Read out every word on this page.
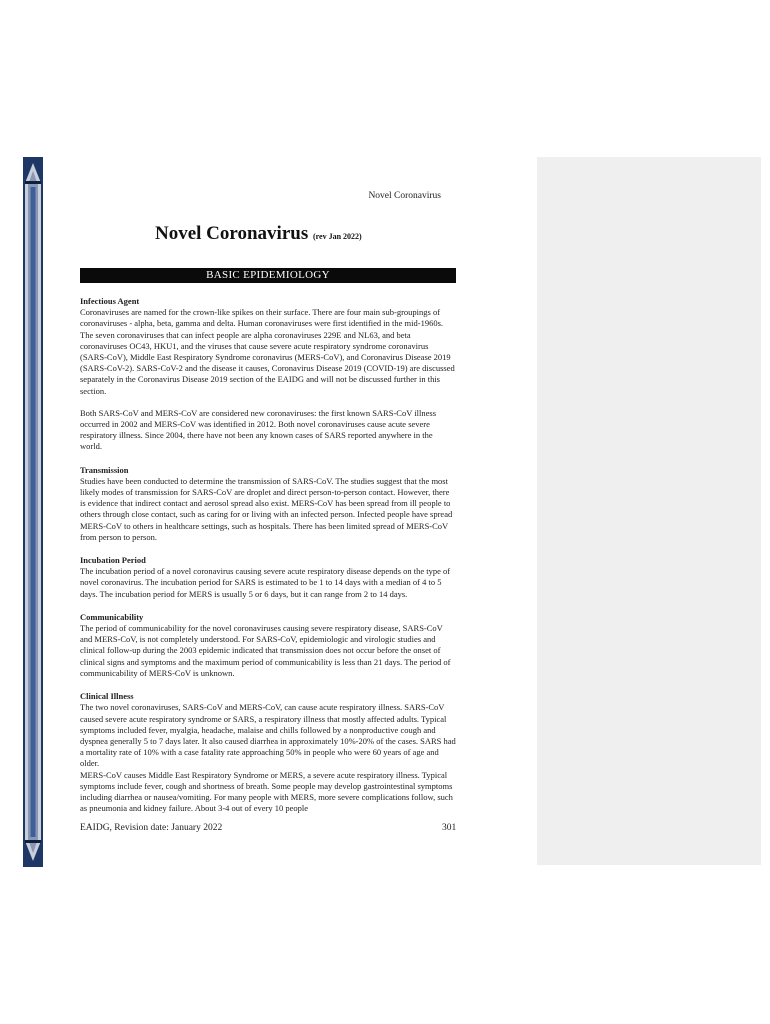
Novel Coronavirus
Novel Coronavirus (rev Jan 2022)
BASIC EPIDEMIOLOGY
Infectious Agent

Coronaviruses are named for the crown-like spikes on their surface. There are four main sub-groupings of coronaviruses - alpha, beta, gamma and delta. Human coronaviruses were first identified in the mid-1960s. The seven coronaviruses that can infect people are alpha coronaviruses 229E and NL63, and beta coronaviruses OC43, HKU1, and the viruses that cause severe acute respiratory syndrome coronavirus (SARS-CoV), Middle East Respiratory Syndrome coronavirus (MERS-CoV), and Coronavirus Disease 2019 (SARS-CoV-2). SARS-CoV-2 and the disease it causes, Coronavirus Disease 2019 (COVID-19) are discussed separately in the Coronavirus Disease 2019 section of the EAIDG and will not be discussed further in this section.

Both SARS-CoV and MERS-CoV are considered new coronaviruses: the first known SARS-CoV illness occurred in 2002 and MERS-CoV was identified in 2012. Both novel coronaviruses cause acute severe respiratory illness. Since 2004, there have not been any known cases of SARS reported anywhere in the world.

Transmission

Studies have been conducted to determine the transmission of SARS-CoV. The studies suggest that the most likely modes of transmission for SARS-CoV are droplet and direct person-to-person contact. However, there is evidence that indirect contact and aerosol spread also exist. MERS-CoV has been spread from ill people to others through close contact, such as caring for or living with an infected person. Infected people have spread MERS-CoV to others in healthcare settings, such as hospitals. There has been limited spread of MERS-CoV from person to person.

Incubation Period

The incubation period of a novel coronavirus causing severe acute respiratory disease depends on the type of novel coronavirus. The incubation period for SARS is estimated to be 1 to 14 days with a median of 4 to 5 days. The incubation period for MERS is usually 5 or 6 days, but it can range from 2 to 14 days.

Communicability

The period of communicability for the novel coronaviruses causing severe respiratory disease, SARS-CoV and MERS-CoV, is not completely understood. For SARS-CoV, epidemiologic and virologic studies and clinical follow-up during the 2003 epidemic indicated that transmission does not occur before the onset of clinical signs and symptoms and the maximum period of communicability is less than 21 days. The period of communicability of MERS-CoV is unknown.

Clinical Illness

The two novel coronaviruses, SARS-CoV and MERS-CoV, can cause acute respiratory illness. SARS-CoV caused severe acute respiratory syndrome or SARS, a respiratory illness that mostly affected adults. Typical symptoms included fever, myalgia, headache, malaise and chills followed by a nonproductive cough and dyspnea generally 5 to 7 days later. It also caused diarrhea in approximately 10%-20% of the cases. SARS had a mortality rate of 10% with a case fatality rate approaching 50% in people who were 60 years of age and older.

MERS-CoV causes Middle East Respiratory Syndrome or MERS, a severe acute respiratory illness. Typical symptoms include fever, cough and shortness of breath. Some people may develop gastrointestinal symptoms including diarrhea or nausea/vomiting. For many people with MERS, more severe complications follow, such as pneumonia and kidney failure. About 3-4 out of every 10 people

EAIDG, Revision date: January 2022	301
